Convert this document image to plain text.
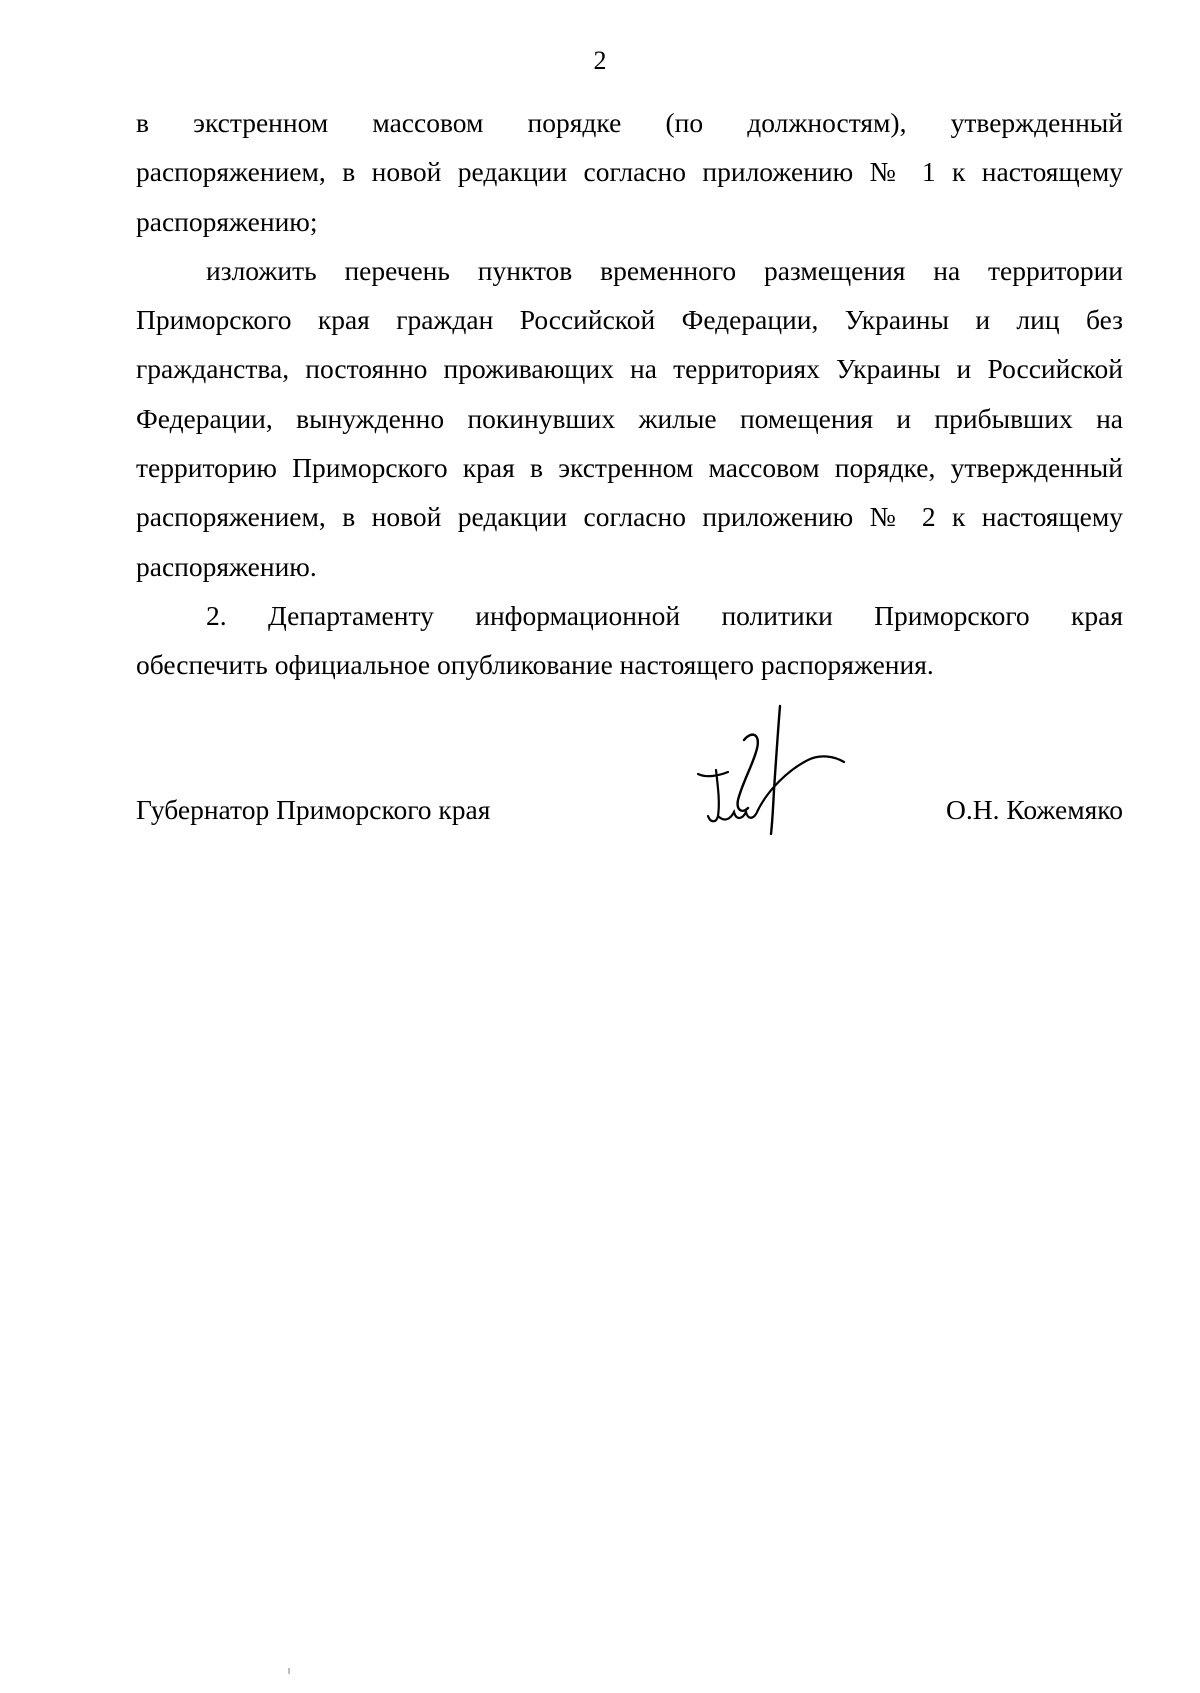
2

в экстренном массовом порядке (по должностям), утвержденный

распоряжением, в новой редакции согласно приложению № 1 к настоящему

распоряжению;

изложить перечень пунктов временного размещения на территории

Приморского края граждан Российской Федерации, Украины и лиц без

гражданства, постоянно проживающих на территориях Украины и Российской

Федерации, вынужденно покинувших жилые помещения и прибывших на

территорию Приморского края в экстренном массовом порядке, утвержденный

распоряжением, в новой редакции согласно приложению № 2 к настоящему

распоряжению.

2. Департаменту информационной политики Приморского края

обеспечить официальное опубликование настоящего распоряжения.

Губернатор Приморского края	О.Н. Кожемяко
